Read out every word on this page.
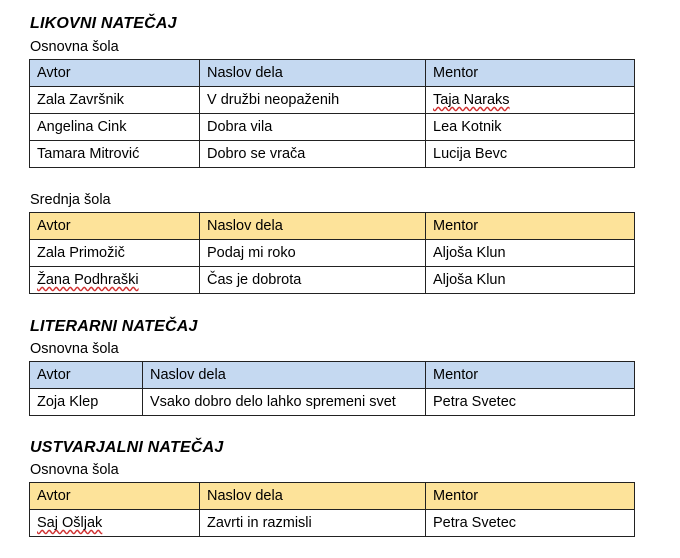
LIKOVNI NATEČAJ
Osnovna šola
Avtor	Naslov dela	Mentor
Zala Završnik	V družbi neopaženih	Taja Naraks
Angelina Cink	Dobra vila	Lea Kotnik
Tamara Mitrović	Dobro se vrača	Lucija Bevc
Srednja šola
Avtor	Naslov dela	Mentor
Zala Primožič	Podaj mi roko	Aljoša Klun
Žana Podhraški	Čas je dobrota	Aljoša Klun
LITERARNI NATEČAJ
Osnovna šola
Avtor	Naslov dela	Mentor
Zoja Klep	Vsako dobro delo lahko spremeni svet	Petra Svetec
USTVARJALNI NATEČAJ
Osnovna šola
Avtor	Naslov dela	Mentor
Saj Ošljak	Zavrti in razmisli	Petra Svetec
